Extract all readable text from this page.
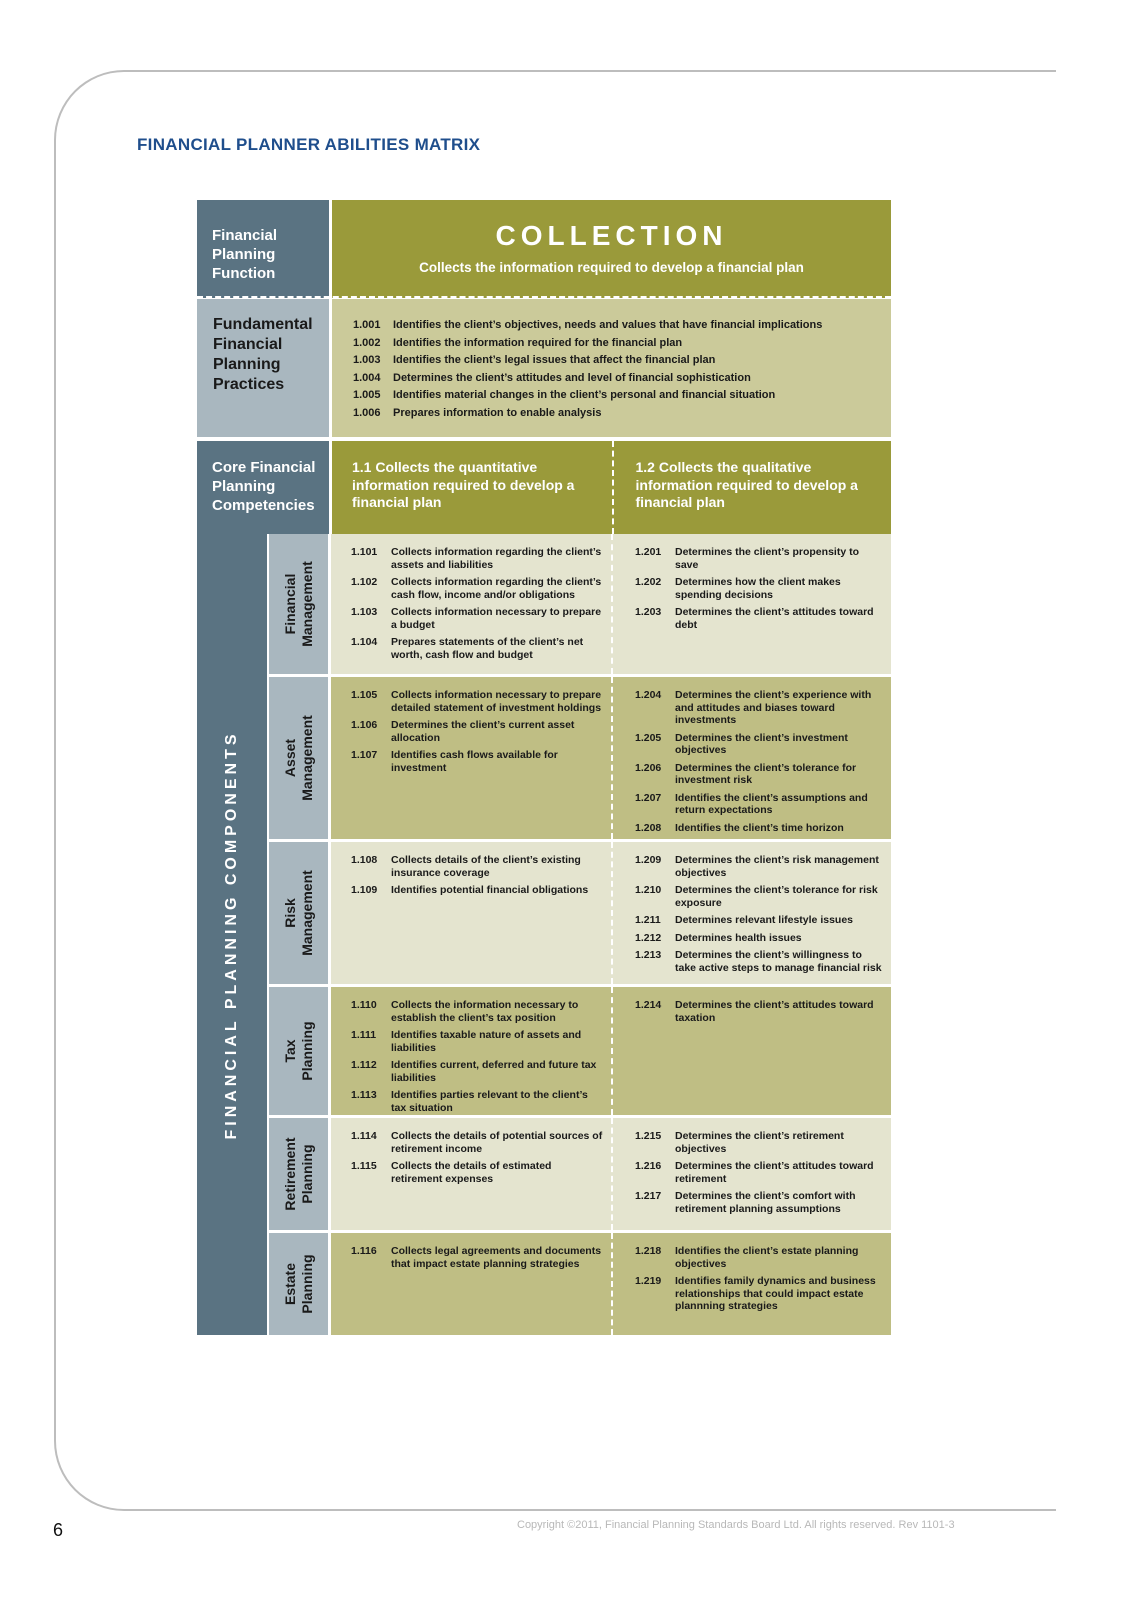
FINANCIAL PLANNER ABILITIES MATRIX
Financial Planning Function
COLLECTION
Collects the information required to develop a financial plan
Fundamental Financial Planning Practices
1.001	Identifies the client’s objectives, needs and values that have financial implications
1.002	Identifies the information required for the financial plan
1.003	Identifies the client’s legal issues that affect the financial plan
1.004	Determines the client’s attitudes and level of financial sophistication
1.005	Identifies material changes in the client’s personal and financial situation
1.006	Prepares information to enable analysis
Core Financial Planning Competencies
1.1 Collects the quantitative information required to develop a financial plan
1.2 Collects the qualitative information required to develop a financial plan
FINANCIAL PLANNING COMPONENTS
Financial
Management
1.101	Collects information regarding the client’s assets and liabilities
1.102	Collects information regarding the client’s cash flow, income and/or obligations
1.103	Collects information necessary to prepare a budget
1.104	Prepares statements of the client’s net worth, cash flow and budget
1.201	Determines the client’s propensity to save
1.202	Determines how the client makes spending decisions
1.203	Determines the client’s attitudes toward debt
Asset
Management
1.105	Collects information necessary to prepare detailed statement of investment holdings
1.106	Determines the client’s current asset allocation
1.107	Identifies cash flows available for investment
1.204	Determines the client’s experience with and attitudes and biases toward investments
1.205	Determines the client’s investment objectives
1.206	Determines the client’s tolerance for investment risk
1.207	Identifies the client’s assumptions and return expectations
1.208	Identifies the client’s time horizon
Risk
Management
1.108	Collects details of the client’s existing insurance coverage
1.109	Identifies potential financial obligations
1.209	Determines the client’s risk management objectives
1.210	Determines the client’s tolerance for risk exposure
1.211	Determines relevant lifestyle issues
1.212	Determines health issues
1.213	Determines the client’s willingness to take active steps to manage financial risk
Tax
Planning
1.110	Collects the information necessary to establish the client’s tax position
1.111	Identifies taxable nature of assets and liabilities
1.112	Identifies current, deferred and future tax liabilities
1.113	Identifies parties relevant to the client’s tax situation
1.214	Determines the client’s attitudes toward taxation
Retirement
Planning
1.114	Collects the details of potential sources of retirement income
1.115	Collects the details of estimated retirement expenses
1.215	Determines the client’s retirement objectives
1.216	Determines the client’s attitudes toward retirement
1.217	Determines the client’s comfort with retirement planning assumptions
Estate
Planning
1.116	Collects legal agreements and documents that impact estate planning strategies
1.218	Identifies the client’s estate planning objectives
1.219	Identifies family dynamics and business relationships that could impact estate plannning strategies
6	Copyright ©2011, Financial Planning Standards Board Ltd. All rights reserved. Rev 1101-3
